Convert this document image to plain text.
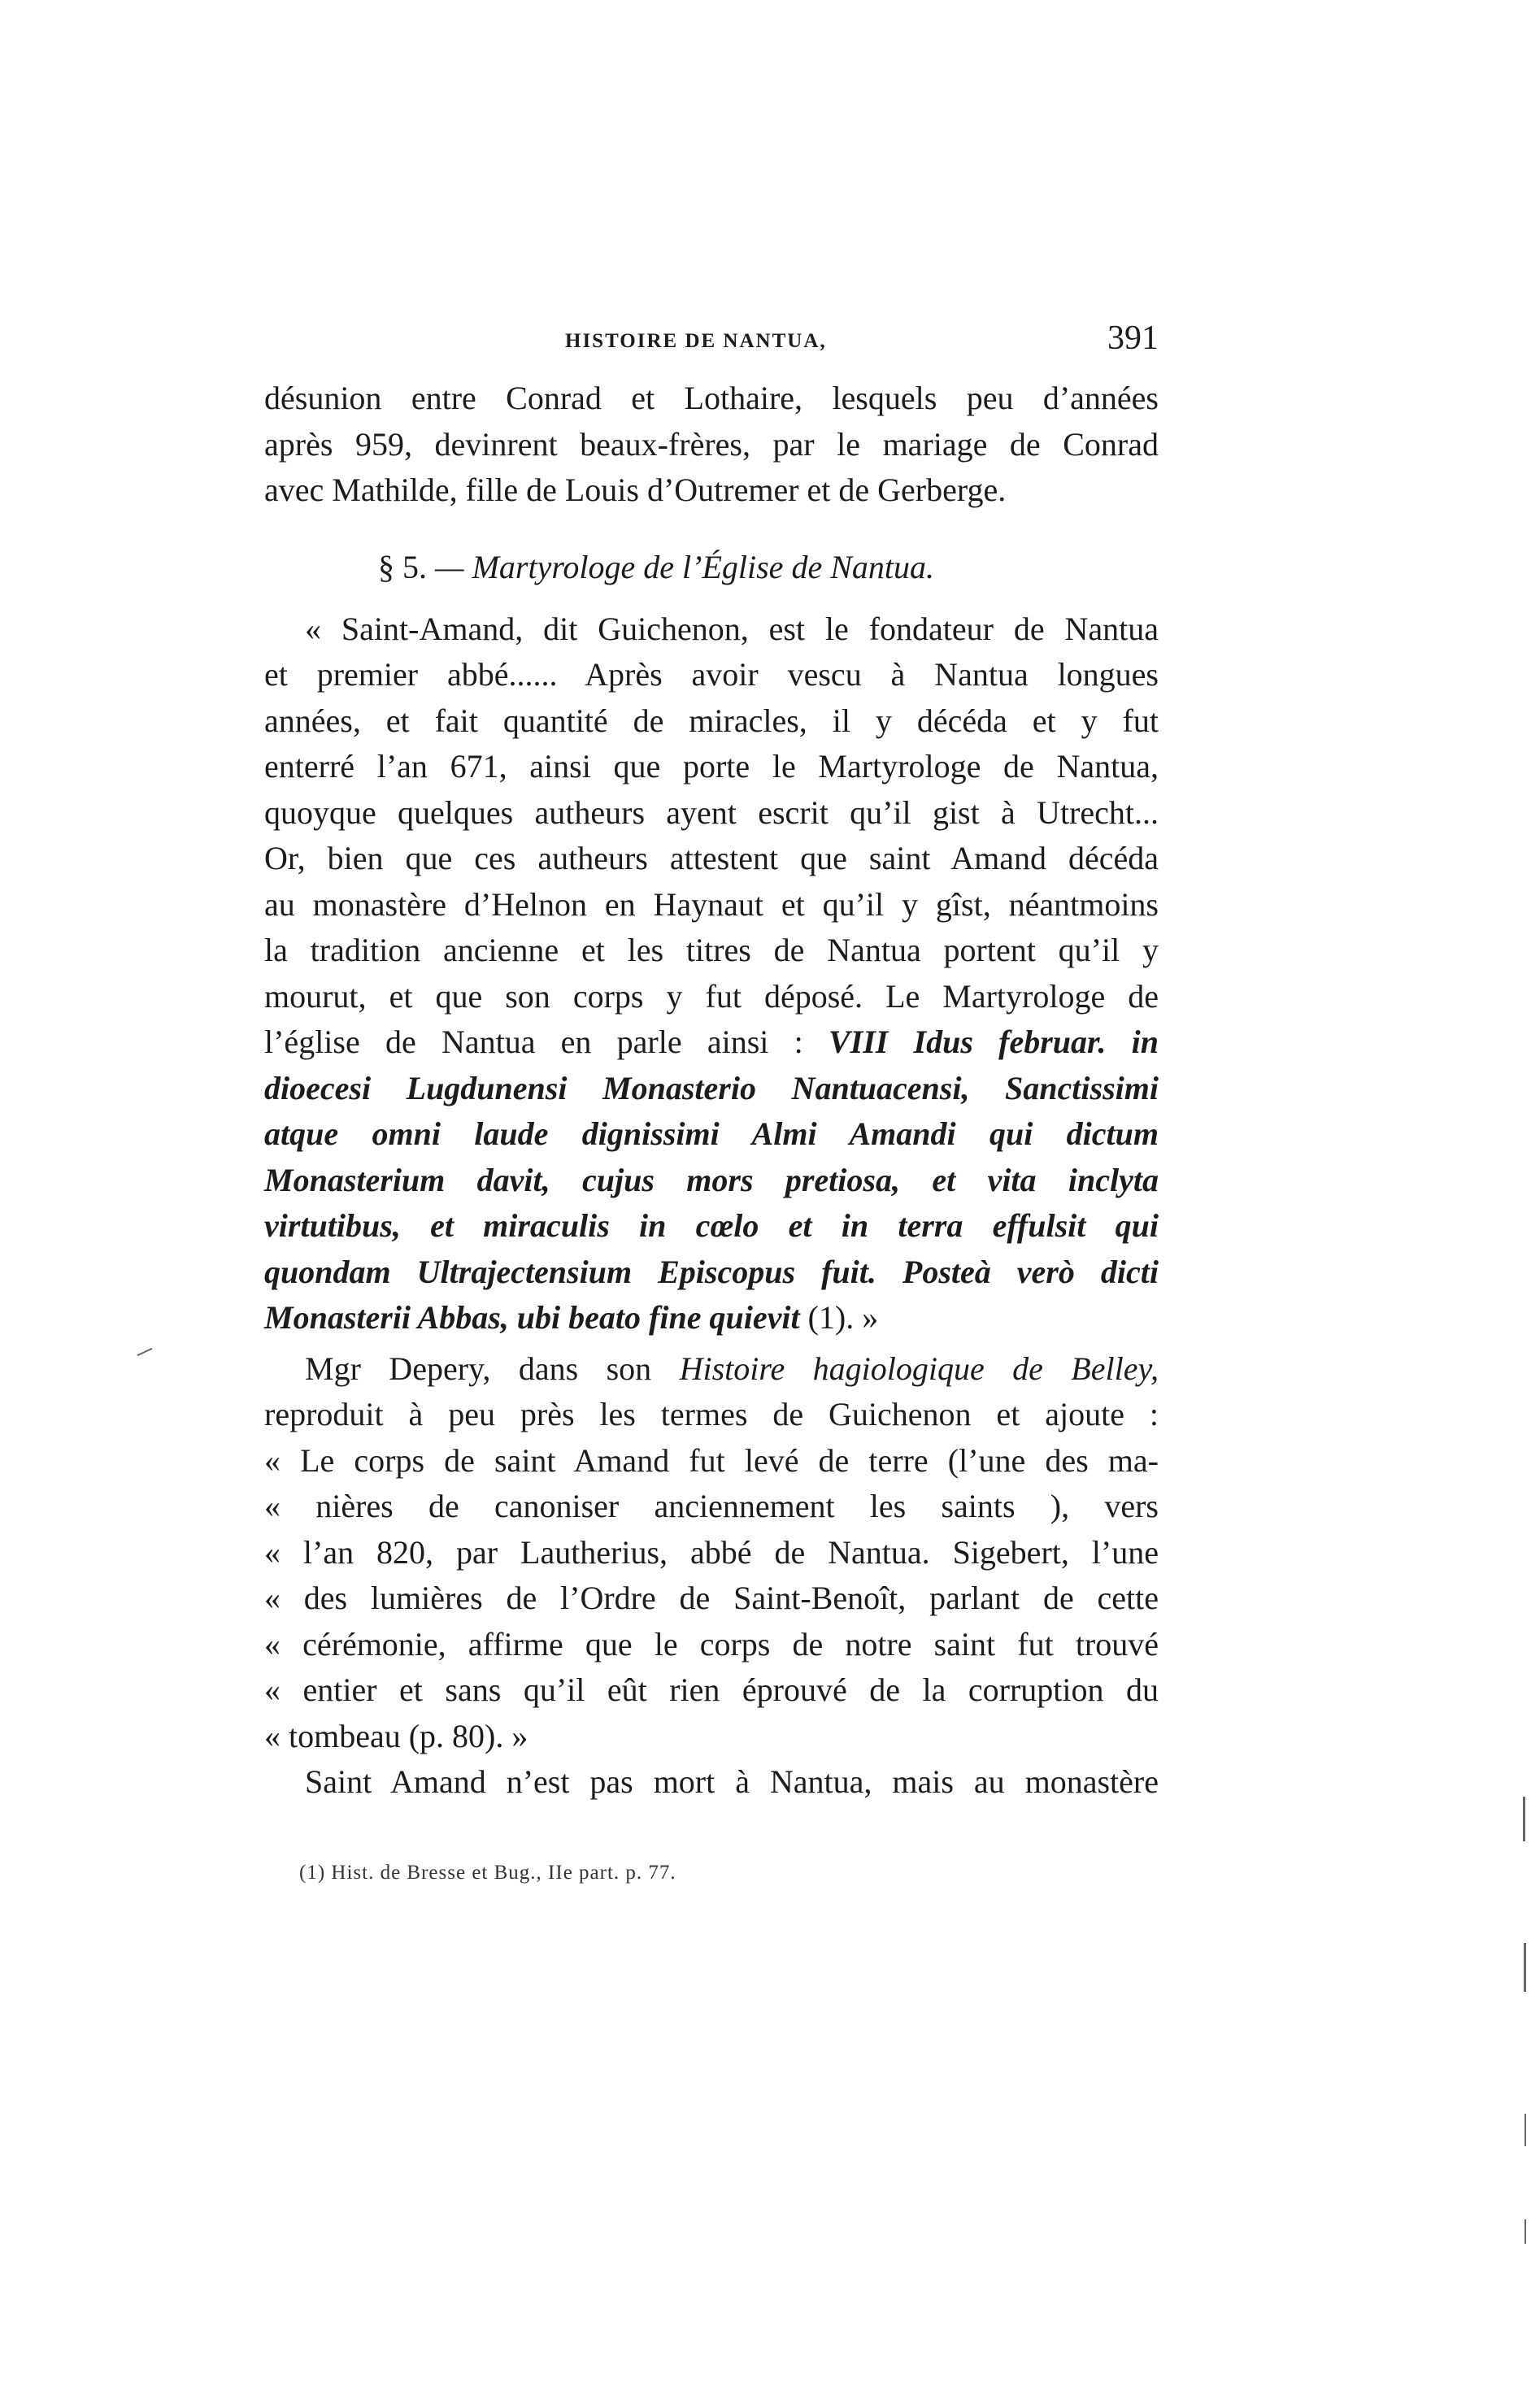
HISTOIRE DE NANTUA,	391
désunion entre Conrad et Lothaire, lesquels peu d’années
après 959, devinrent beaux-frères, par le mariage de Conrad
avec Mathilde, fille de Louis d’Outremer et de Gerberge.
§ 5. — Martyrologe de l’Église de Nantua.
« Saint-Amand, dit Guichenon, est le fondateur de Nantua
et premier abbé...... Après avoir vescu à Nantua longues
années, et fait quantité de miracles, il y décéda et y fut
enterré l’an 671, ainsi que porte le Martyrologe de Nantua,
quoyque quelques autheurs ayent escrit qu’il gist à Utrecht...
Or, bien que ces autheurs attestent que saint Amand décéda
au monastère d’Helnon en Haynaut et qu’il y gîst, néantmoins
la tradition ancienne et les titres de Nantua portent qu’il y
mourut, et que son corps y fut déposé. Le Martyrologe de
l’église de Nantua en parle ainsi : VIII Idus februar. in
dioecesi Lugdunensi Monasterio Nantuacensi, Sanctissimi
atque omni laude dignissimi Almi Amandi qui dictum
Monasterium davit, cujus mors pretiosa, et vita inclyta
virtutibus, et miraculis in cœlo et in terra effulsit qui
quondam Ultrajectensium Episcopus fuit. Posteà verò dicti
Monasterii Abbas, ubi beato fine quievit (1). »
Mgr Depery, dans son Histoire hagiologique de Belley,
reproduit à peu près les termes de Guichenon et ajoute :
« Le corps de saint Amand fut levé de terre (l’une des ma-
« nières de canoniser anciennement les saints ), vers
« l’an 820, par Lautherius, abbé de Nantua. Sigebert, l’une
« des lumières de l’Ordre de Saint-Benoît, parlant de cette
« cérémonie, affirme que le corps de notre saint fut trouvé
« entier et sans qu’il eût rien éprouvé de la corruption du
« tombeau (p. 80). »
Saint Amand n’est pas mort à Nantua, mais au monastère
(1) Hist. de Bresse et Bug., IIe part. p. 77.
